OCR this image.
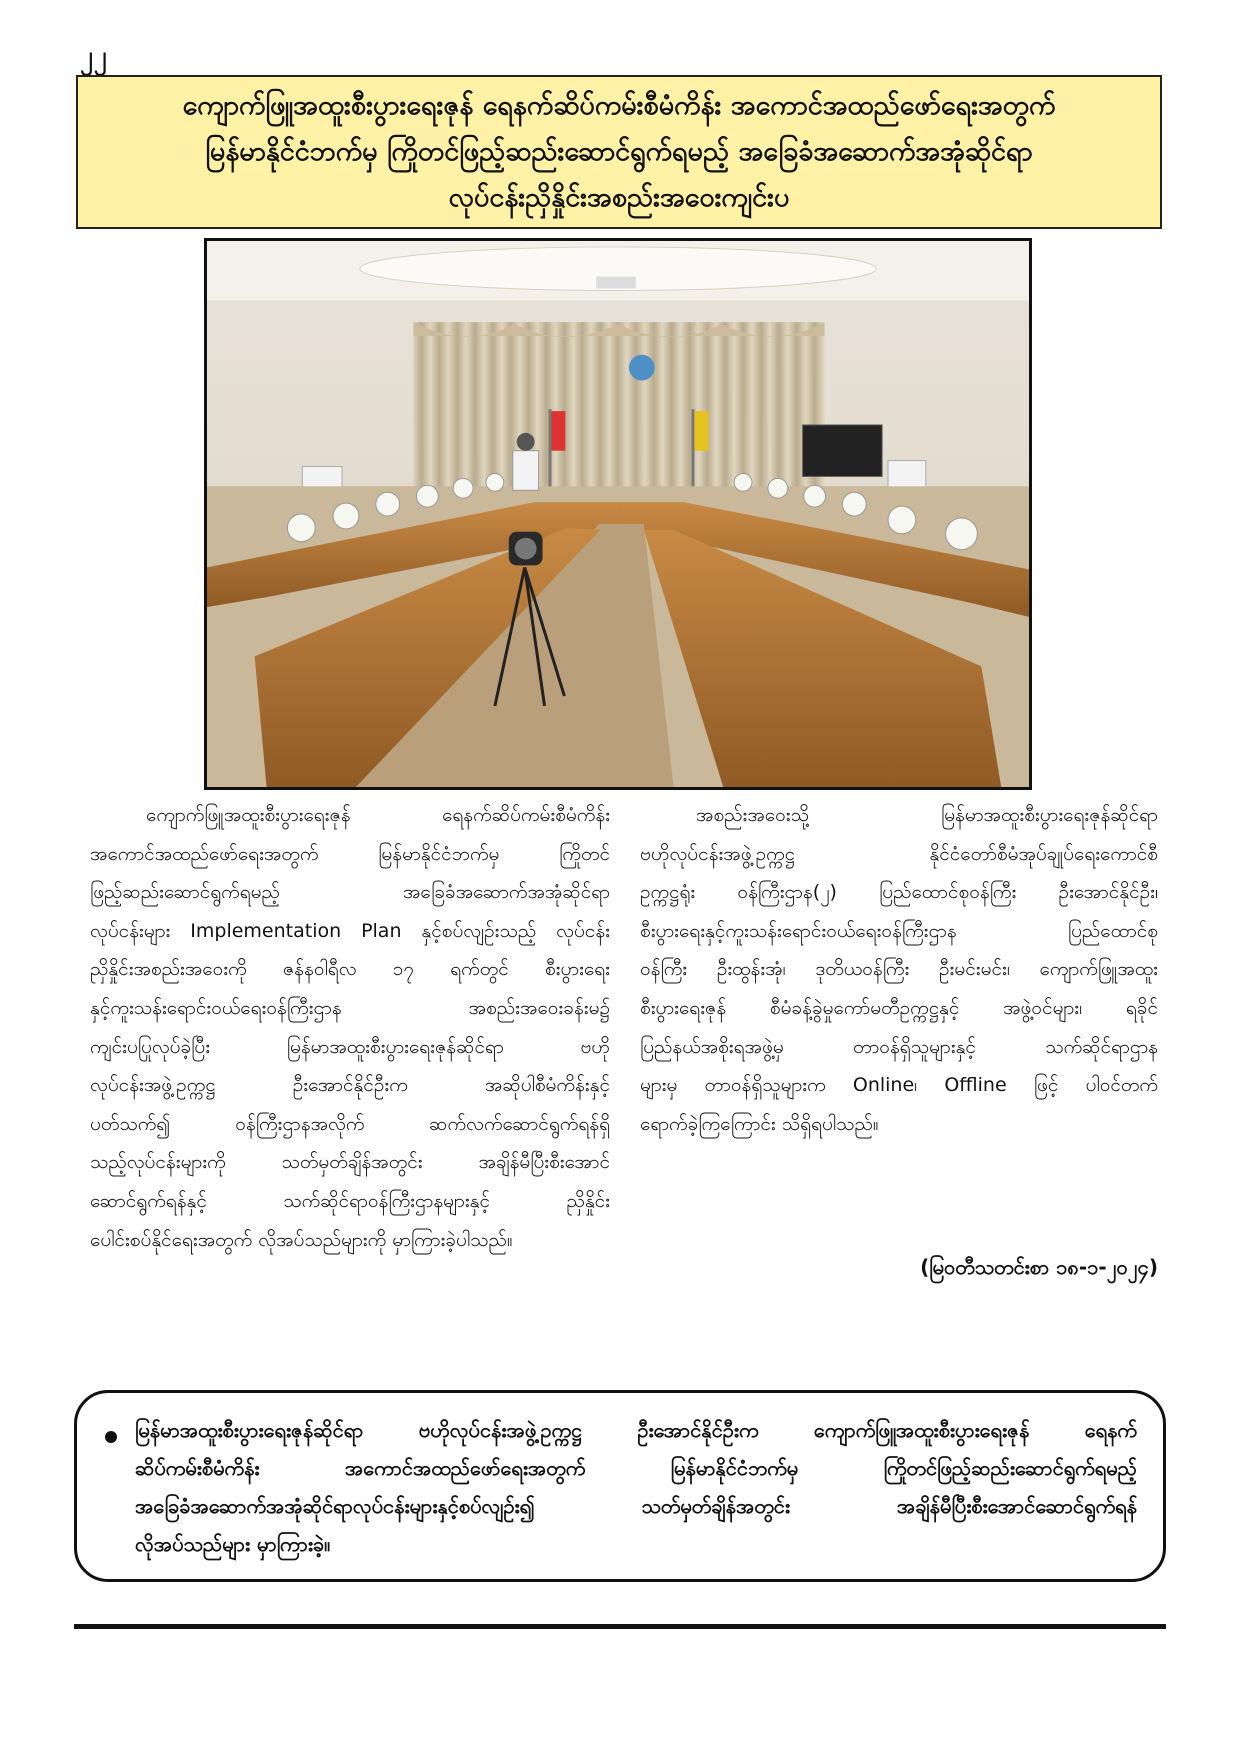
၂၂
ကျောက်ဖြူအထူးစီးပွားရေးဇုန် ရေနက်ဆိပ်ကမ်းစီမံကိန်း အကောင်အထည်ဖော်ရေးအတွက်
မြန်မာနိုင်ငံဘက်မှ ကြိုတင်ဖြည့်ဆည်းဆောင်ရွက်ရမည့် အခြေခံအဆောက်အအုံဆိုင်ရာ
လုပ်ငန်းညှိနှိုင်းအစည်းအဝေးကျင်းပ
ကျောက်ဖြူအထူးစီးပွားရေးဇုန် ရေနက်ဆိပ်ကမ်းစီမံကိန်း
အကောင်အထည်ဖော်ရေးအတွက် မြန်မာနိုင်ငံဘက်မှ ကြိုတင်
ဖြည့်ဆည်းဆောင်ရွက်ရမည့် အခြေခံအဆောက်အအုံဆိုင်ရာ
လုပ်ငန်းများ Implementation Plan နှင့်စပ်လျဉ်းသည့် လုပ်ငန်း
ညှိနှိုင်းအစည်းအဝေးကို ဇန်နဝါရီလ ၁၇ ရက်တွင် စီးပွားရေး
နှင့်ကူးသန်းရောင်းဝယ်ရေးဝန်ကြီးဌာန အစည်းအဝေးခန်းမ၌
ကျင်းပပြုလုပ်ခဲ့ပြီး မြန်မာအထူးစီးပွားရေးဇုန်ဆိုင်ရာ ဗဟို
လုပ်ငန်းအဖွဲ့ဥက္ကဋ္ဌ ဦးအောင်နိုင်ဦးက အဆိုပါစီမံကိန်းနှင့်
ပတ်သက်၍ ဝန်ကြီးဌာနအလိုက် ဆက်လက်ဆောင်ရွက်ရန်ရှိ
သည့်လုပ်ငန်းများကို သတ်မှတ်ချိန်အတွင်း အချိန်မီပြီးစီးအောင်
ဆောင်ရွက်ရန်နှင့် သက်ဆိုင်ရာဝန်ကြီးဌာနများနှင့် ညှိနှိုင်း
ပေါင်းစပ်နိုင်ရေးအတွက် လိုအပ်သည်များကို မှာကြားခဲ့ပါသည်။
အစည်းအဝေးသို့ မြန်မာအထူးစီးပွားရေးဇုန်ဆိုင်ရာ
ဗဟိုလုပ်ငန်းအဖွဲ့ဥက္ကဋ္ဌ နိုင်ငံတော်စီမံအုပ်ချုပ်ရေးကောင်စီ
ဥက္ကဋ္ဌရုံး ဝန်ကြီးဌာန(၂) ပြည်ထောင်စုဝန်ကြီး ဦးအောင်နိုင်ဦး၊
စီးပွားရေးနှင့်ကူးသန်းရောင်းဝယ်ရေးဝန်ကြီးဌာန ပြည်ထောင်စု
ဝန်ကြီး ဦးထွန်းအုံ၊ ဒုတိယဝန်ကြီး ဦးမင်းမင်း၊ ကျောက်ဖြူအထူး
စီးပွားရေးဇုန် စီမံခန့်ခွဲမှုကော်မတီဥက္ကဋ္ဌနှင့် အဖွဲ့ဝင်များ၊ ရခိုင်
ပြည်နယ်အစိုးရအဖွဲ့မှ တာဝန်ရှိသူများနှင့် သက်ဆိုင်ရာဌာန
များမှ တာဝန်ရှိသူများက Online၊ Offline ဖြင့် ပါဝင်တက်
ရောက်ခဲ့ကြကြောင်း သိရှိရပါသည်။
(မြဝတီသတင်းစာ ၁၈-၁-၂၀၂၄)
မြန်မာအထူးစီးပွားရေးဇုန်ဆိုင်ရာ ဗဟိုလုပ်ငန်းအဖွဲ့ဥက္ကဋ္ဌ ဦးအောင်နိုင်ဦးက ကျောက်ဖြူအထူးစီးပွားရေးဇုန် ရေနက်
ဆိပ်ကမ်းစီမံကိန်း အကောင်အထည်ဖော်ရေးအတွက် မြန်မာနိုင်ငံဘက်မှ ကြိုတင်ဖြည့်ဆည်းဆောင်ရွက်ရမည့်
အခြေခံအဆောက်အအုံဆိုင်ရာလုပ်ငန်းများနှင့်စပ်လျဉ်း၍ သတ်မှတ်ချိန်အတွင်း အချိန်မီပြီးစီးအောင်ဆောင်ရွက်ရန်
လိုအပ်သည်များ မှာကြားခဲ့။
